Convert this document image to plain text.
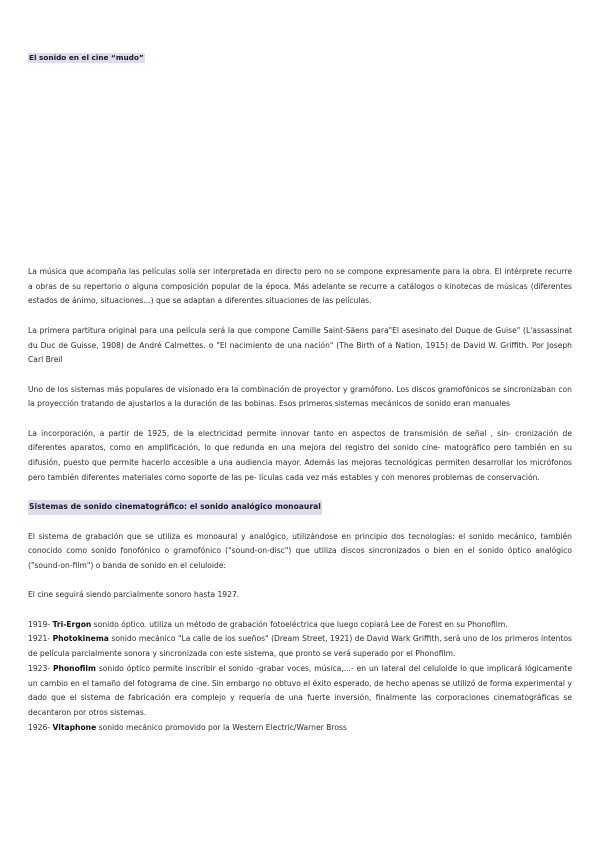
El sonido en el cine “mudo”

La música que acompaña las películas solía ser interpretada en directo pero no se compone expresamente para la obra. El intérprete recurre a obras de su repertorio o alguna composición popular de la época. Más adelante se recurre a catálogos o kinotecas de músicas (diferentes estados de ánimo, situaciones...) que se adaptan a diferentes situaciones de las películas.

La primera partitura original para una película será la que compone Camille Saint-Säens para"El asesinato del Duque de Guise" (L'assassinat du Duc de Guisse, 1908) de André Calmettes. o "El nacimiento de una nación" (The Birth of a Nation, 1915) de David W. Griffith. Por Joseph Carl Breil

Uno de los sistemas más populares de visionado era la combinación de proyector y gramófono. Los discos gramofónicos se sincronizaban con la proyección tratando de ajustarlos a la duración de las bobinas. Esos primeros sistemas mecánicos de sonido eran manuales

La incorporación, a partir de 1925, de la electricidad permite innovar tanto en aspectos de transmisión de señal , sin- cronización de diferentes aparatos, como en amplificación, lo que redunda en una mejora del registro del sonido cine- matográfico pero también en su difusión, puesto que permite hacerlo accesible a una audiencia mayor. Además las mejoras tecnológicas permiten desarrollar los micrófonos pero también diferentes materiales como soporte de las pe- lículas cada vez más estables y con menores problemas de conservación.

Sistemas de sonido cinematográfico: el sonido analógico monoaural

El sistema de grabación que se utiliza es monoaural y analógico, utilizándose en principio dos tecnologías: el sonido mecánico, también conocido como sonido fonofónico o gramofónico ("sound-on-disc") que utiliza discos sincronizados o bien en el sonido óptico analógico ("sound-on-film") o banda de sonido en el celuloide:

El cine seguirá siendo parcialmente sonoro hasta 1927.

1919- Tri-Ergon sonido óptico. utiliza un método de grabación fotoeléctrica que luego copiará Lee de Forest en su Phonofilm.

1921- Photokinema sonido mecánico "La calle de los sueños" (Dream Street, 1921) de David Wark Griffith, será uno de los primeros intentos de película parcialmente sonora y sincronizada con este sistema, que pronto se verá superado por el Phonofilm.

1923- Phonofilm sonido óptico permite inscribir el sonido -grabar voces, música,...- en un lateral del celuloide lo que implicará lógicamente un cambio en el tamaño del fotograma de cine. Sin embargo no obtuvo el éxito esperado, de hecho apenas se utilizó de forma experimental y dado que el sistema de fabricación era complejo y requería de una fuerte inversión, finalmente las corporaciones cinematográficas se decantaron por otros sistemas.

1926- Vitaphone sonido mecánico promovido por la Western Electric/Warner Bross
